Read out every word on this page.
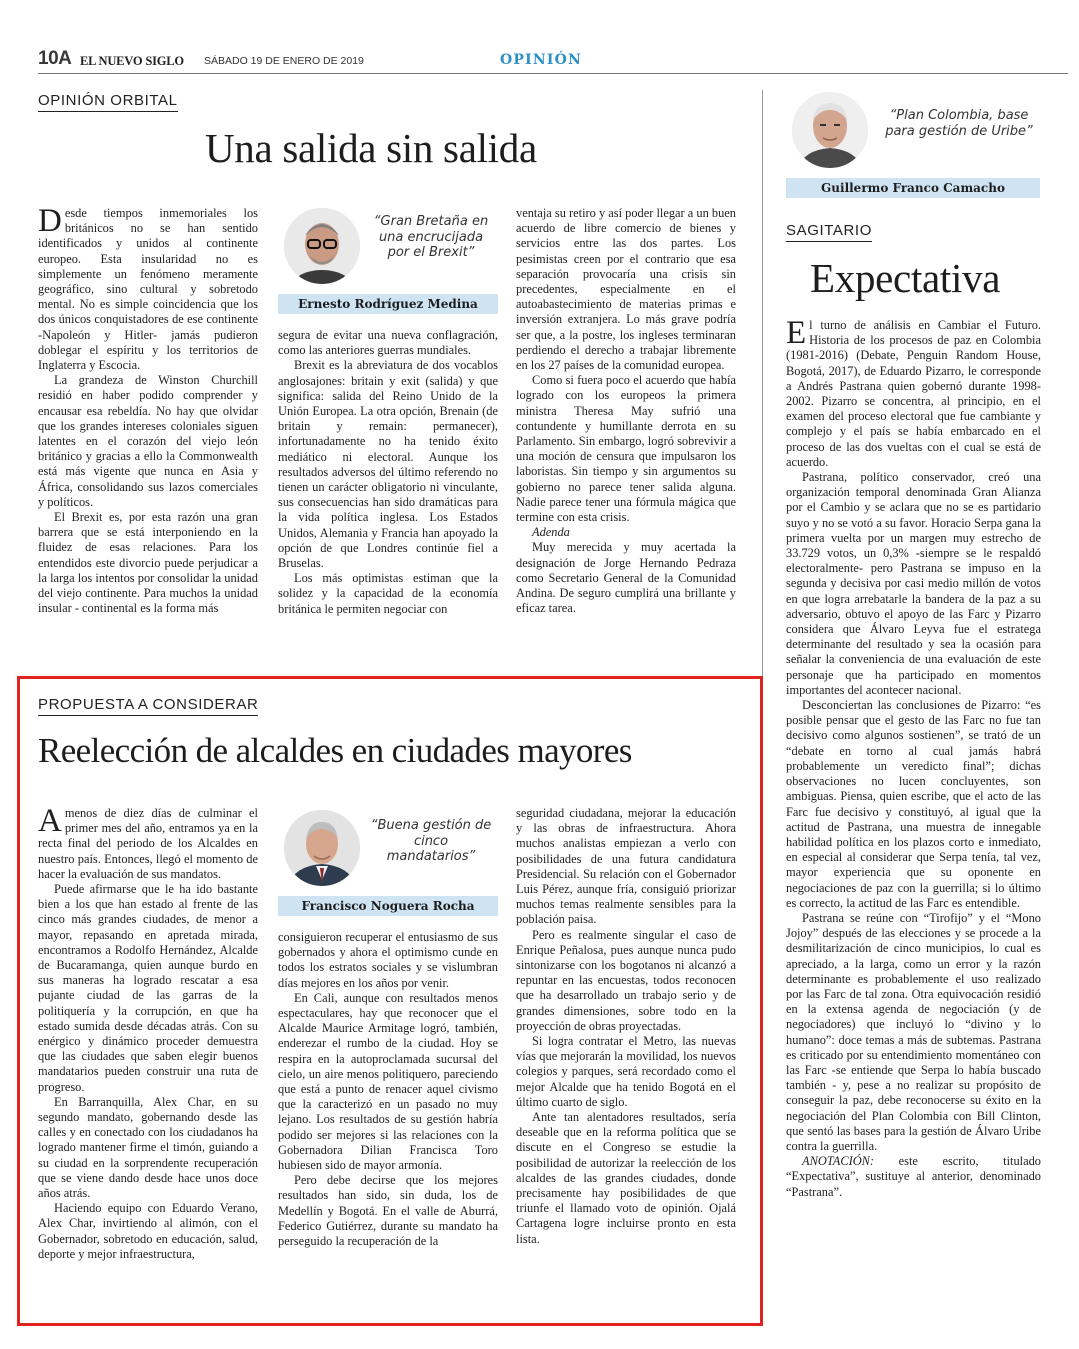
10A EL NUEVO SIGLO SÁBADO 19 DE ENERO DE 2019	OPINIÓN
OPINIÓN ORBITAL
Una salida sin salida

Desde tiempos inmemoriales los británicos no se han sentido identificados y unidos al continente europeo. Esta insularidad no es simplemente un fenómeno meramente geográfico, sino cultural y sobretodo mental. No es simple coincidencia que los dos únicos conquistadores de ese continente -Napoleón y Hitler- jamás pudieron doblegar el espíritu y los territorios de Inglaterra y Escocia.

La grandeza de Winston Churchill residió en haber podido comprender y encausar esa rebeldía. No hay que olvidar que los grandes intereses coloniales siguen latentes en el corazón del viejo león británico y gracias a ello la Commonwealth está más vigente que nunca en Asia y África, consolidando sus lazos comerciales y políticos.

El Brexit es, por esta razón una gran barrera que se está interponiendo en la fluidez de esas relaciones. Para los entendidos este divorcio puede perjudicar a la larga los intentos por consolidar la unidad del viejo continente. Para muchos la unidad insular - continental es la forma más

“Gran Bretaña en una encrucijada por el Brexit”
Ernesto Rodríguez Medina

segura de evitar una nueva conflagración, como las anteriores guerras mundiales.

Brexit es la abreviatura de dos vocablos anglosajones: britain y exit (salida) y que significa: salida del Reino Unido de la Unión Europea. La otra opción, Brenain (de britain y remain: permanecer), infortunadamente no ha tenido éxito mediático ni electoral. Aunque los resultados adversos del último referendo no tienen un carácter obligatorio ni vinculante, sus consecuencias han sido dramáticas para la vida política inglesa. Los Estados Unidos, Alemania y Francia han apoyado la opción de que Londres continúe fiel a Bruselas.

Los más optimistas estiman que la solidez y la capacidad de la economía británica le permiten negociar con

ventaja su retiro y así poder llegar a un buen acuerdo de libre comercio de bienes y servicios entre las dos partes. Los pesimistas creen por el contrario que esa separación provocaría una crisis sin precedentes, especialmente en el autoabastecimiento de materias primas e inversión extranjera. Lo más grave podría ser que, a la postre, los ingleses terminaran perdiendo el derecho a trabajar libremente en los 27 países de la comunidad europea.

Como si fuera poco el acuerdo que había logrado con los europeos la primera ministra Theresa May sufrió una contundente y humillante derrota en su Parlamento. Sin embargo, logró sobrevivir a una moción de censura que impulsaron los laboristas. Sin tiempo y sin argumentos su gobierno no parece tener salida alguna. Nadie parece tener una fórmula mágica que termine con esta crisis.

Adenda

Muy merecida y muy acertada la designación de Jorge Hernando Pedraza como Secretario General de la Comunidad Andina. De seguro cumplirá una brillante y eficaz tarea.

PROPUESTA A CONSIDERAR
Reelección de alcaldes en ciudades mayores

Amenos de diez días de culminar el primer mes del año, entramos ya en la recta final del periodo de los Alcaldes en nuestro país. Entonces, llegó el momento de hacer la evaluación de sus mandatos.

Puede afirmarse que le ha ido bastante bien a los que han estado al frente de las cinco más grandes ciudades, de menor a mayor, repasando en apretada mirada, encontramos a Rodolfo Hernández, Alcalde de Bucaramanga, quien aunque burdo en sus maneras ha logrado rescatar a esa pujante ciudad de las garras de la politiquería y la corrupción, en que ha estado sumida desde décadas atrás. Con su enérgico y dinámico proceder demuestra que las ciudades que saben elegir buenos mandatarios pueden construir una ruta de progreso.

En Barranquilla, Alex Char, en su segundo mandato, gobernando desde las calles y en conectado con los ciudadanos ha logrado mantener firme el timón, guiando a su ciudad en la sorprendente recuperación que se viene dando desde hace unos doce años atrás.

Haciendo equipo con Eduardo Verano, Alex Char, invirtiendo al alimón, con el Gobernador, sobretodo en educación, salud, deporte y mejor infraestructura,

“Buena gestión de cinco mandatarios”
Francisco Noguera Rocha

consiguieron recuperar el entusiasmo de sus gobernados y ahora el optimismo cunde en todos los estratos sociales y se vislumbran días mejores en los años por venir.

En Cali, aunque con resultados menos espectaculares, hay que reconocer que el Alcalde Maurice Armitage logró, también, enderezar el rumbo de la ciudad. Hoy se respira en la autoproclamada sucursal del cielo, un aire menos politiquero, pareciendo que está a punto de renacer aquel civismo que la caracterizó en un pasado no muy lejano. Los resultados de su gestión habría podido ser mejores si las relaciones con la Gobernadora Dilian Francisca Toro hubiesen sido de mayor armonía.

Pero debe decirse que los mejores resultados han sido, sin duda, los de Medellín y Bogotá. En el valle de Aburrá, Federico Gutiérrez, durante su mandato ha perseguido la recuperación de la

seguridad ciudadana, mejorar la educación y las obras de infraestructura. Ahora muchos analistas empiezan a verlo con posibilidades de una futura candidatura Presidencial. Su relación con el Gobernador Luis Pérez, aunque fría, consiguió priorizar muchos temas realmente sensibles para la población paisa.

Pero es realmente singular el caso de Enrique Peñalosa, pues aunque nunca pudo sintonizarse con los bogotanos ni alcanzó a repuntar en las encuestas, todos reconocen que ha desarrollado un trabajo serio y de grandes dimensiones, sobre todo en la proyección de obras proyectadas.

Si logra contratar el Metro, las nuevas vías que mejorarán la movilidad, los nuevos colegios y parques, será recordado como el mejor Alcalde que ha tenido Bogotá en el último cuarto de siglo.

Ante tan alentadores resultados, sería deseable que en la reforma política que se discute en el Congreso se estudie la posibilidad de autorizar la reelección de los alcaldes de las grandes ciudades, donde precisamente hay posibilidades de que triunfe el llamado voto de opinión. Ojalá Cartagena logre incluirse pronto en esta lista.

“Plan Colombia, base para gestión de Uribe”
Guillermo Franco Camacho
SAGITARIO
Expectativa

El turno de análisis en Cambiar el Futuro. Historia de los procesos de paz en Colombia (1981-2016) (Debate, Penguin Random House, Bogotá, 2017), de Eduardo Pizarro, le corresponde a Andrés Pastrana quien gobernó durante 1998-2002. Pizarro se concentra, al principio, en el examen del proceso electoral que fue cambiante y complejo y el país se había embarcado en el proceso de las dos vueltas con el cual se está de acuerdo.

Pastrana, político conservador, creó una organización temporal denominada Gran Alianza por el Cambio y se aclara que no se es partidario suyo y no se votó a su favor. Horacio Serpa gana la primera vuelta por un margen muy estrecho de 33.729 votos, un 0,3% -siempre se le respaldó electoralmente- pero Pastrana se impuso en la segunda y decisiva por casi medio millón de votos en que logra arrebatarle la bandera de la paz a su adversario, obtuvo el apoyo de las Farc y Pizarro considera que Álvaro Leyva fue el estratega determinante del resultado y sea la ocasión para señalar la conveniencia de una evaluación de este personaje que ha participado en momentos importantes del acontecer nacional.

Desconciertan las conclusiones de Pizarro: “es posible pensar que el gesto de las Farc no fue tan decisivo como algunos sostienen”, se trató de un “debate en torno al cual jamás habrá probablemente un veredicto final”; dichas observaciones no lucen concluyentes, son ambiguas. Piensa, quien escribe, que el acto de las Farc fue decisivo y constituyó, al igual que la actitud de Pastrana, una muestra de innegable habilidad política en los plazos corto e inmediato, en especial al considerar que Serpa tenía, tal vez, mayor experiencia que su oponente en negociaciones de paz con la guerrilla; si lo último es correcto, la actitud de las Farc es entendible.

Pastrana se reúne con “Tirofijo” y el “Mono Jojoy” después de las elecciones y se procede a la desmilitarización de cinco municipios, lo cual es apreciado, a la larga, como un error y la razón determinante es probablemente el uso realizado por las Farc de tal zona. Otra equivocación residió en la extensa agenda de negociación (y de negociadores) que incluyó lo “divino y lo humano”: doce temas a más de subtemas. Pastrana es criticado por su entendimiento momentáneo con las Farc -se entiende que Serpa lo había buscado también - y, pese a no realizar su propósito de conseguir la paz, debe reconocerse su éxito en la negociación del Plan Colombia con Bill Clinton, que sentó las bases para la gestión de Álvaro Uribe contra la guerrilla.

ANOTACIÓN: este escrito, titulado “Expectativa”, sustituye al anterior, denominado “Pastrana”.
